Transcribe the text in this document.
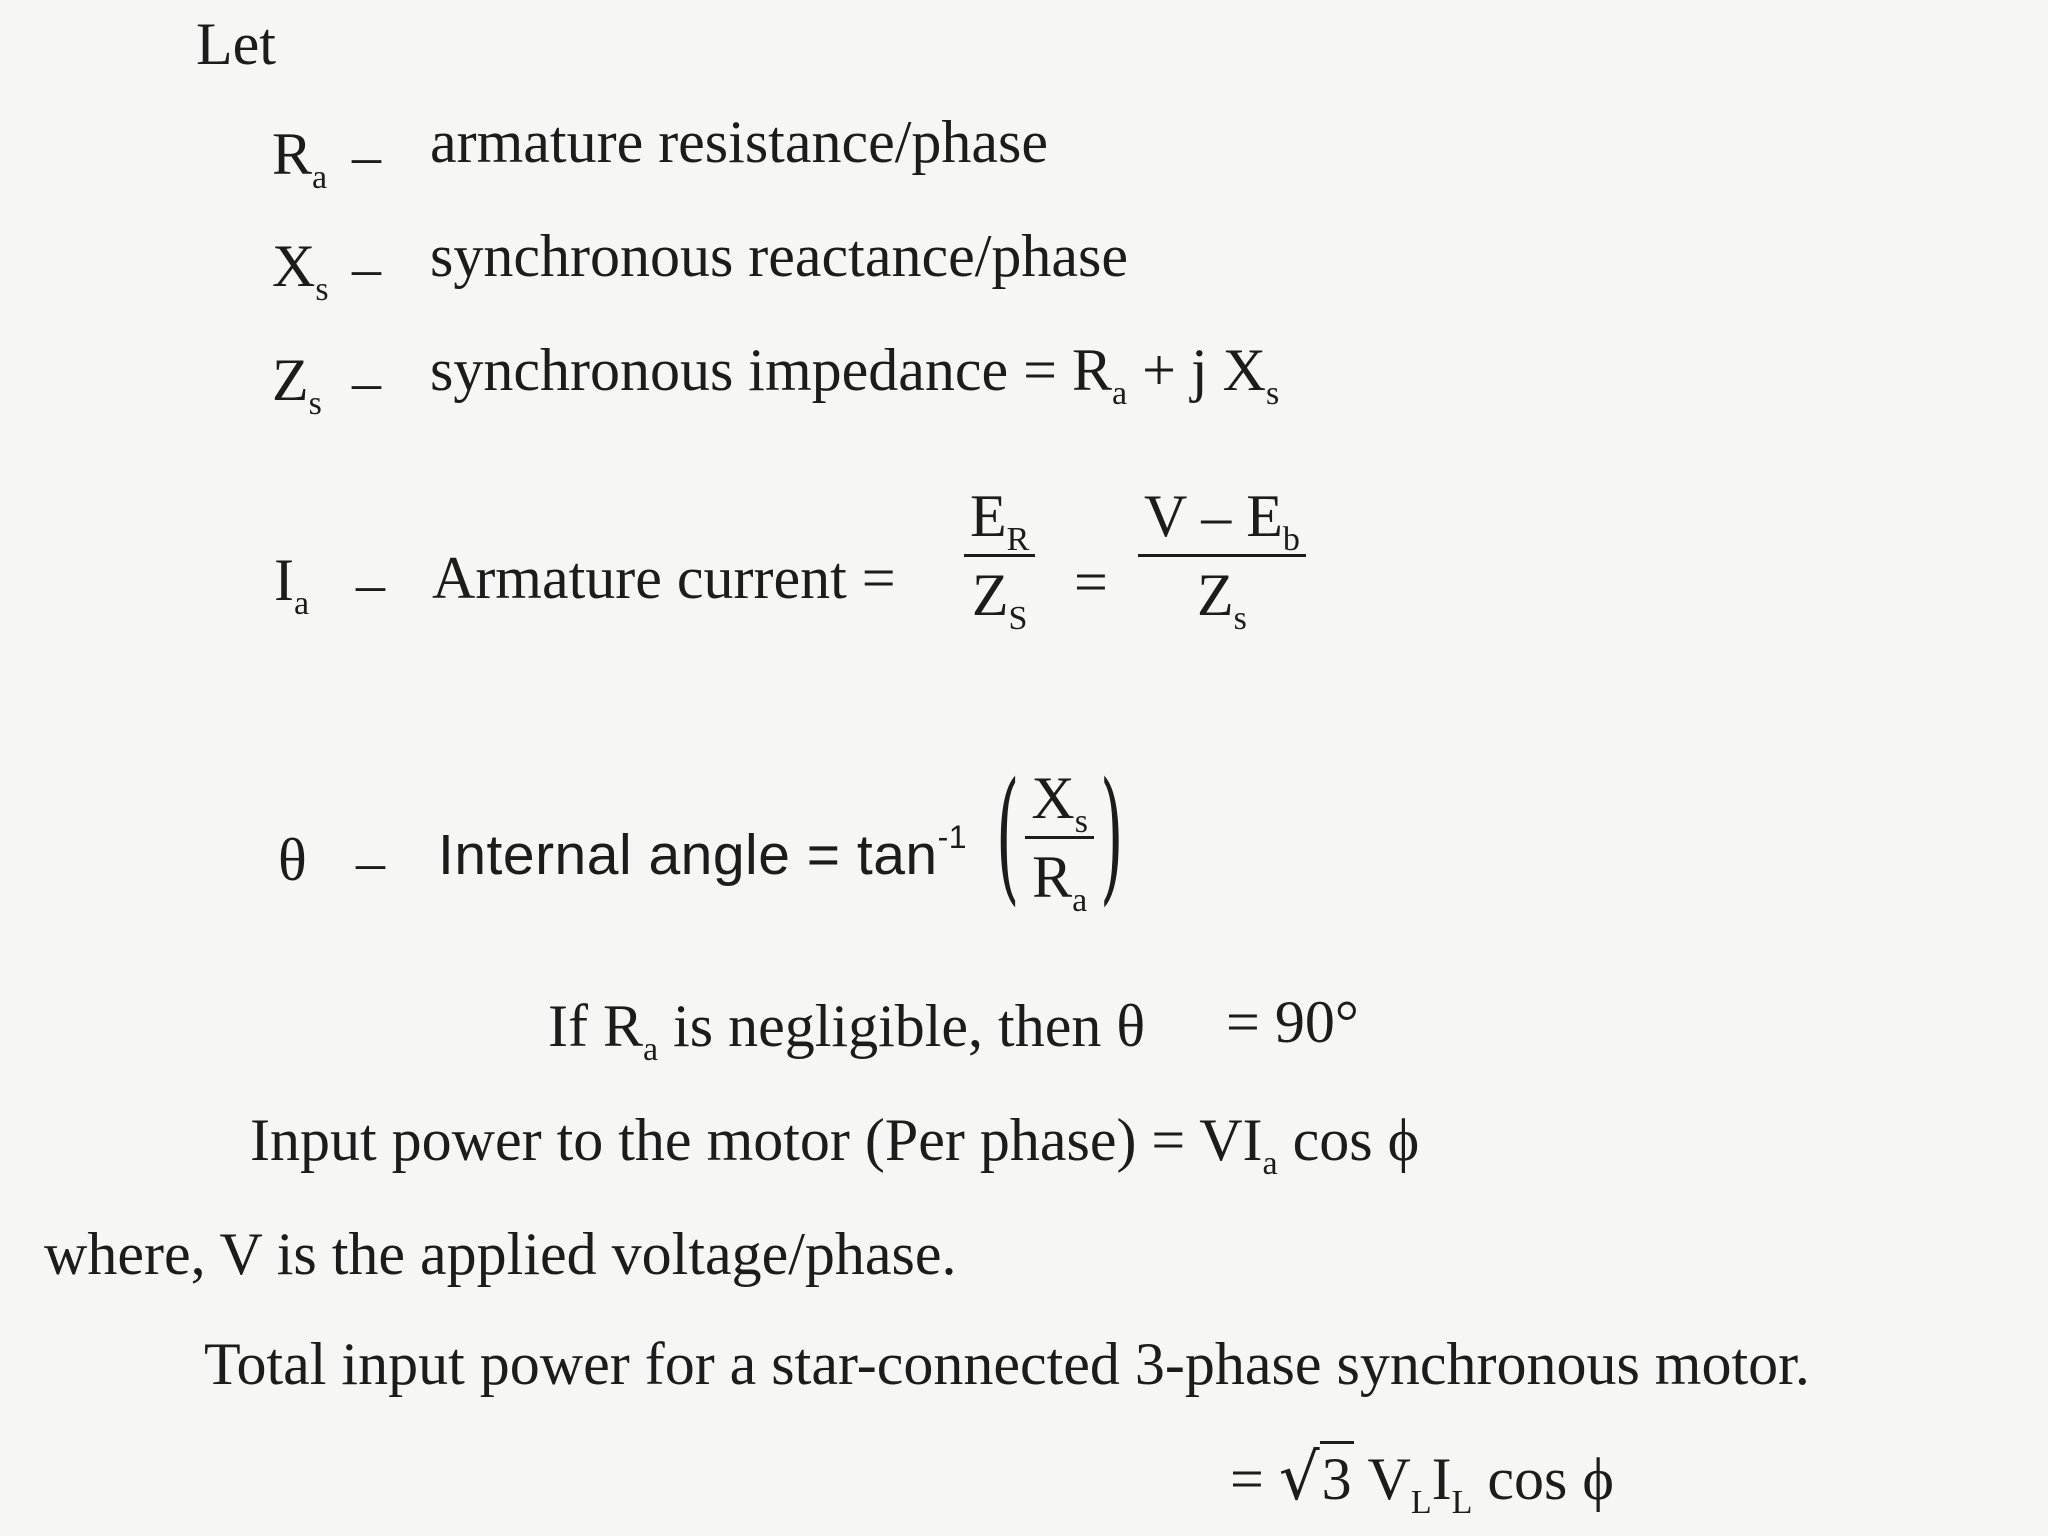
Let
$R_a$ – armature resistance/phase
$X_s$ – synchronous reactance/phase
$Z_s$ – synchronous impedance = $R_a + j$ $X_s$
$I_a$ – Armature current = $\frac{E_R}{Z_S} = \frac{V - E_b}{Z_s}$
θ – Internal angle = $\tan^{-1}$ ( $\frac{X_s}{R_a}$ )
If $R_a$ is negligible, then θ = 90°
Input power to the motor (Per phase) = $VI_a$ cos ϕ
where, V is the applied voltage/phase.
Total input power for a star-connected 3-phase synchronous motor.
= √3 $V_LI_L$ cos ϕ
